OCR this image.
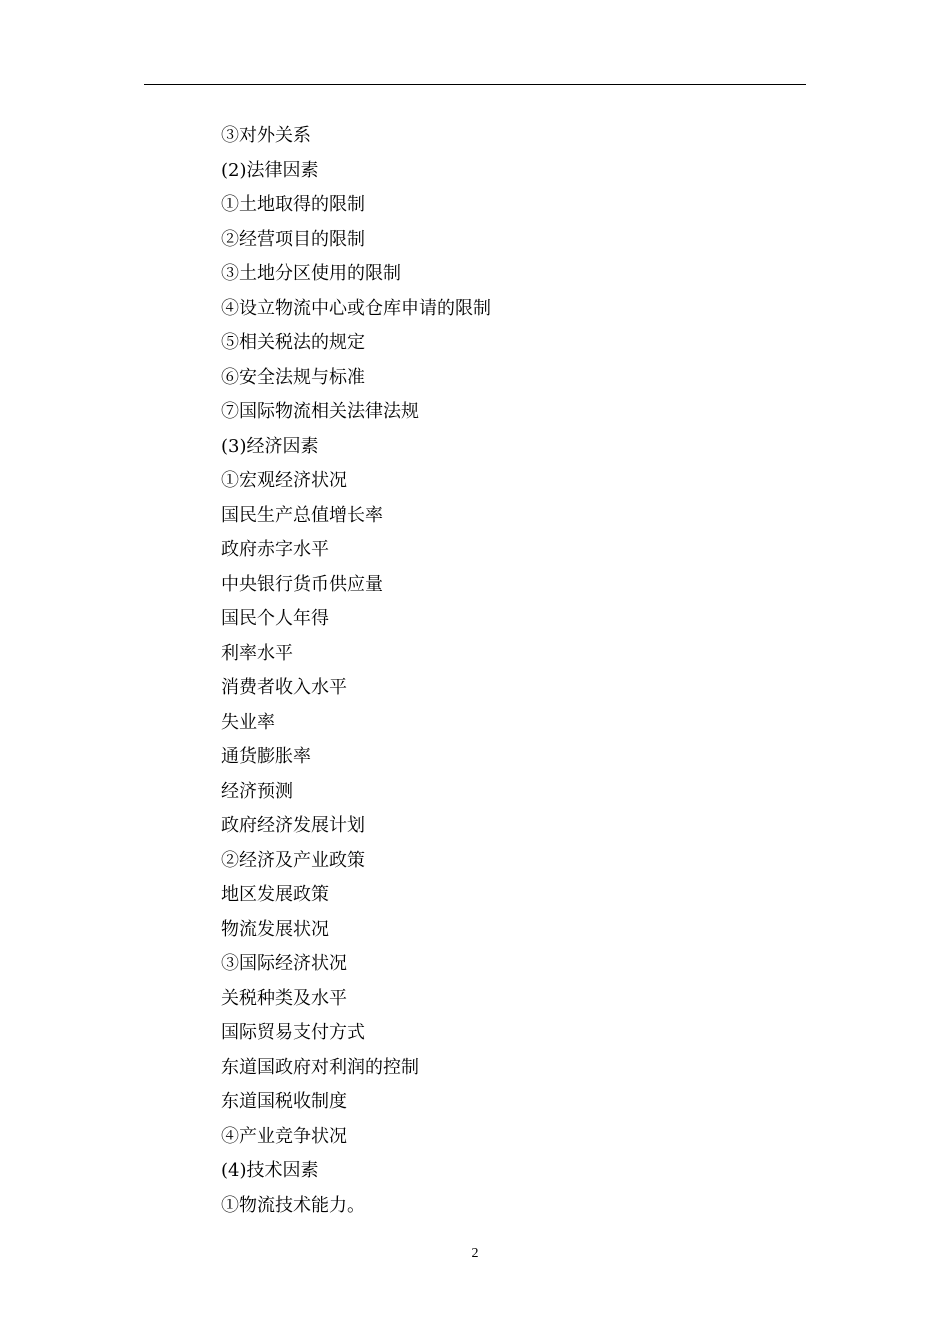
③对外关系
(2)法律因素
①土地取得的限制
②经营项目的限制
③土地分区使用的限制
④设立物流中心或仓库申请的限制
⑤相关税法的规定
⑥安全法规与标准
⑦国际物流相关法律法规
(3)经济因素
①宏观经济状况
国民生产总值增长率
政府赤字水平
中央银行货币供应量
国民个人年得
利率水平
消费者收入水平
失业率
通货膨胀率
经济预测
政府经济发展计划
②经济及产业政策
地区发展政策
物流发展状况
③国际经济状况
关税种类及水平
国际贸易支付方式
东道国政府对利润的控制
东道国税收制度
④产业竞争状况
(4)技术因素
①物流技术能力。
2
